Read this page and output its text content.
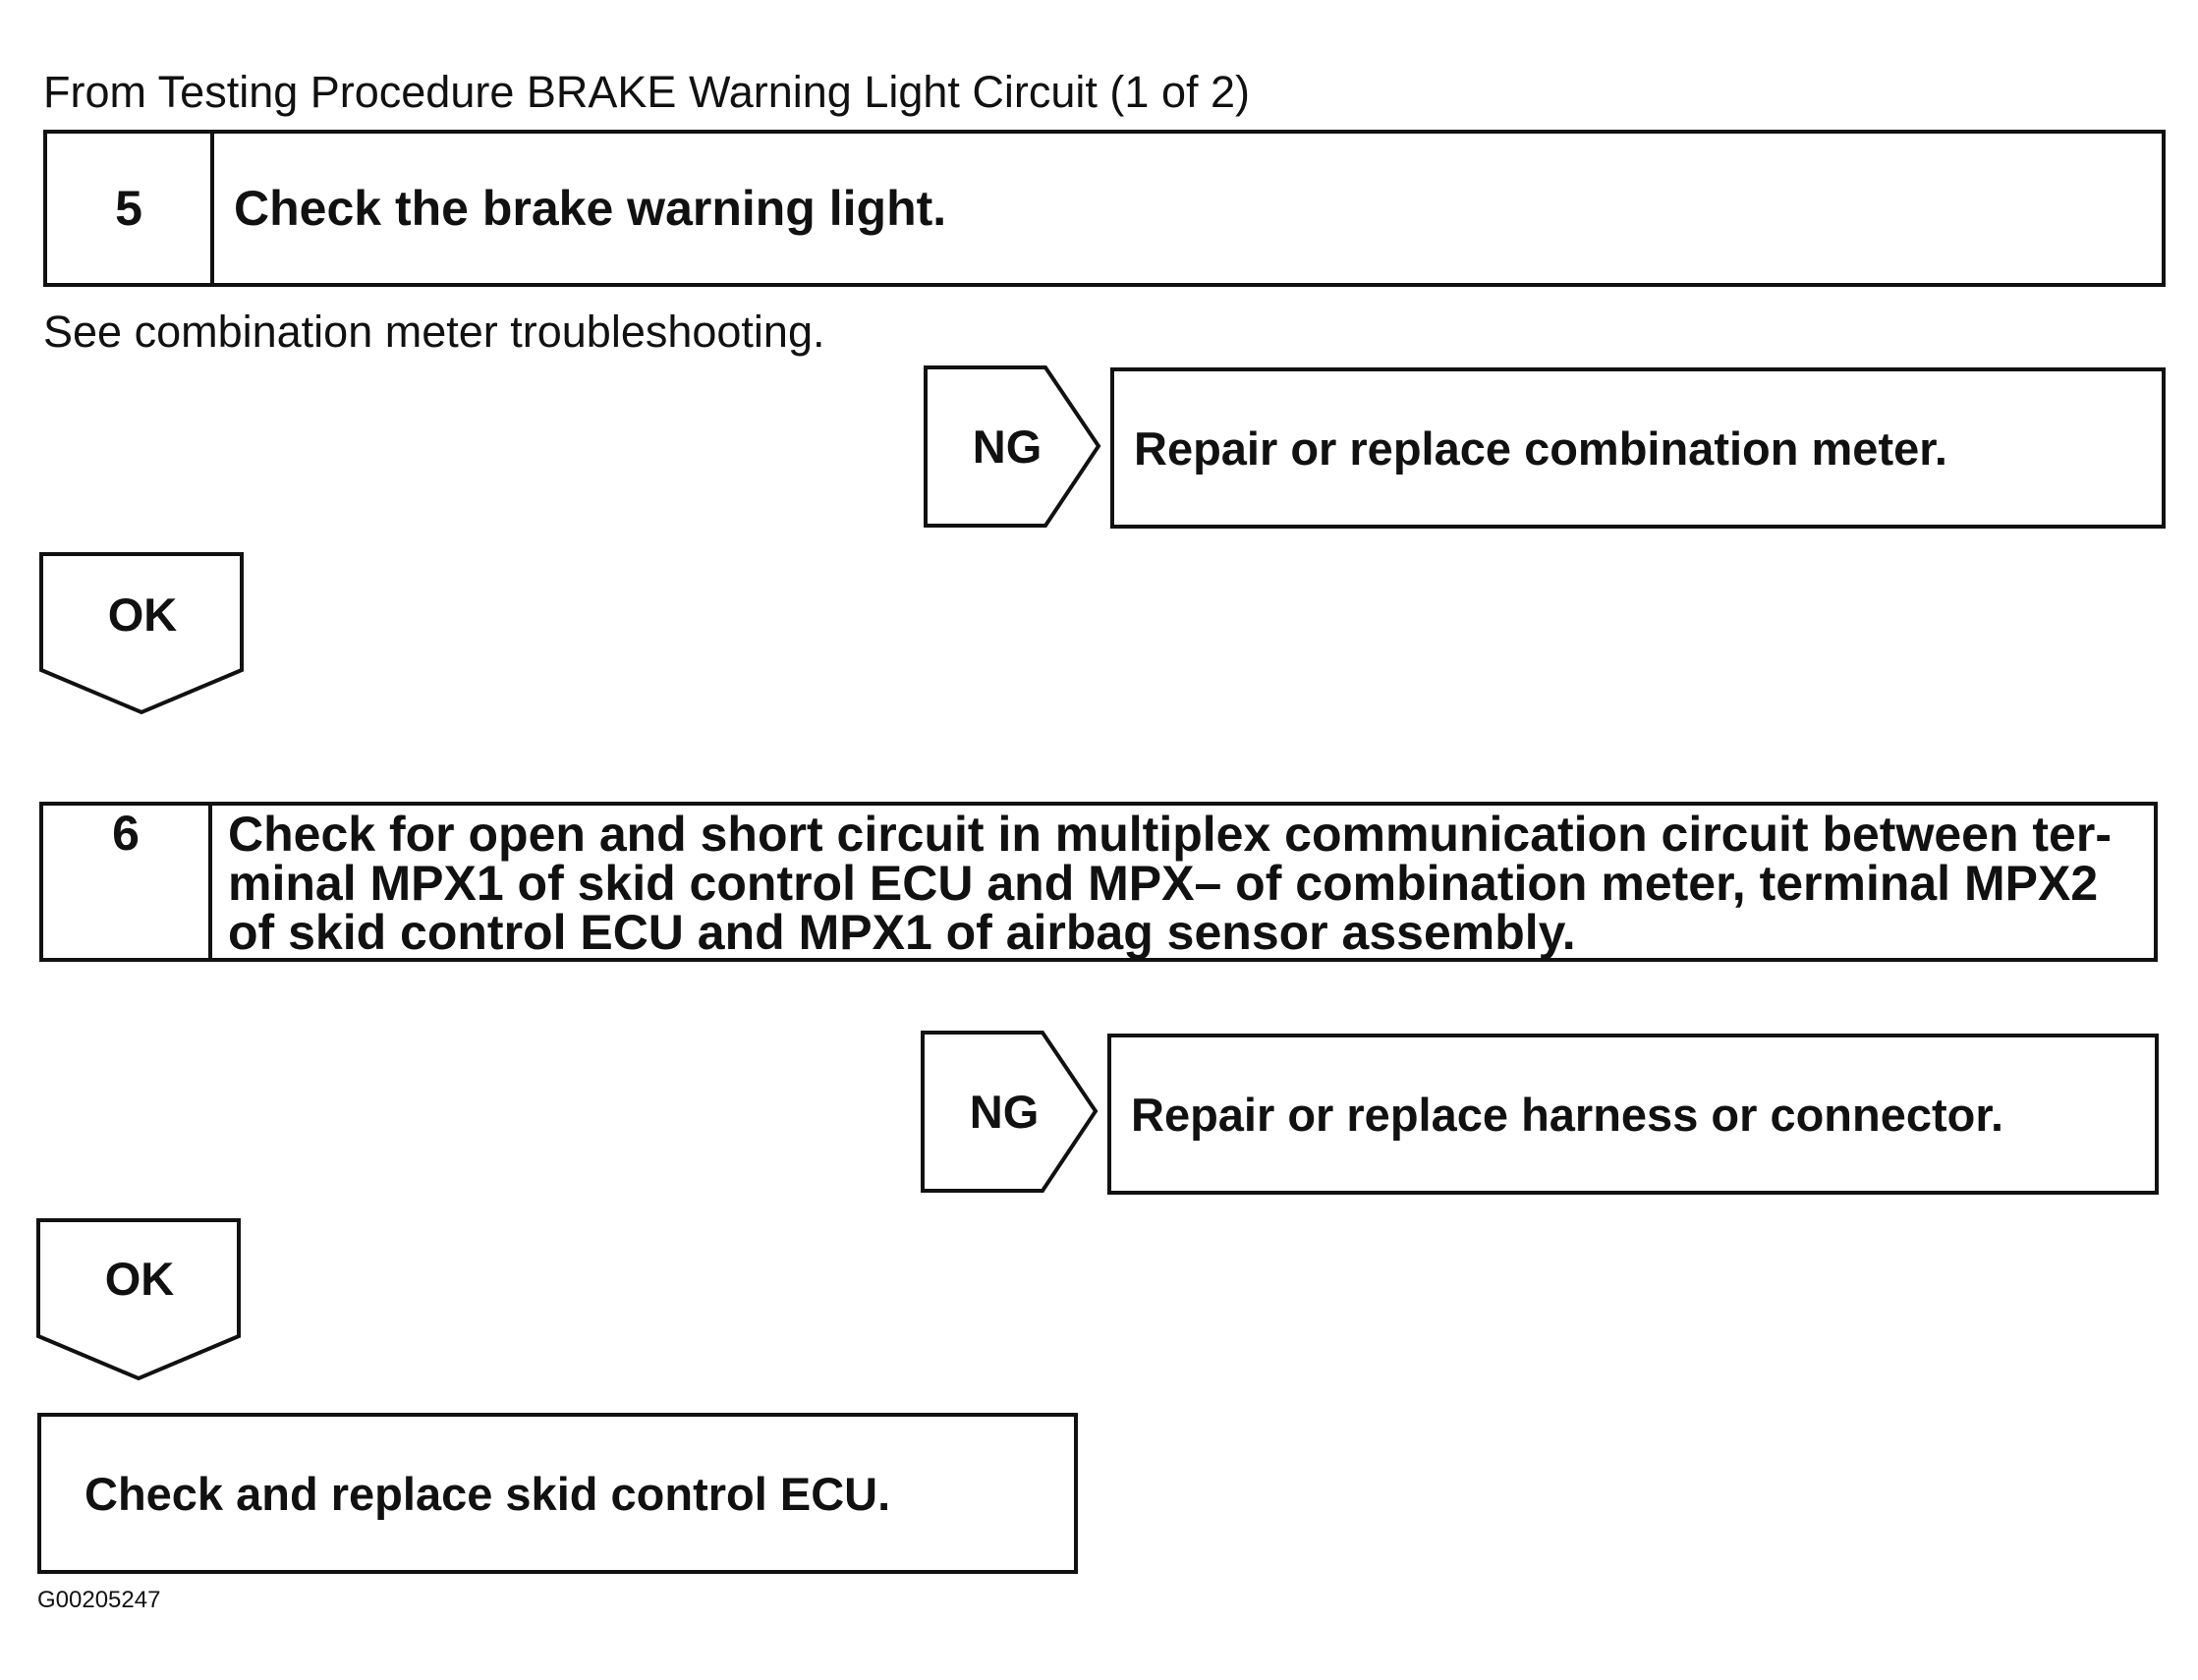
From Testing Procedure BRAKE Warning Light Circuit (1 of 2)
5	Check the brake warning light.
See combination meter troubleshooting.
NG	Repair or replace combination meter.
OK
6	Check for open and short circuit in multiplex communication circuit between ter-
minal MPX1 of skid control ECU and MPX– of combination meter, terminal MPX2
of skid control ECU and MPX1 of airbag sensor assembly.
NG	Repair or replace harness or connector.
OK
Check and replace skid control ECU.
G00205247
